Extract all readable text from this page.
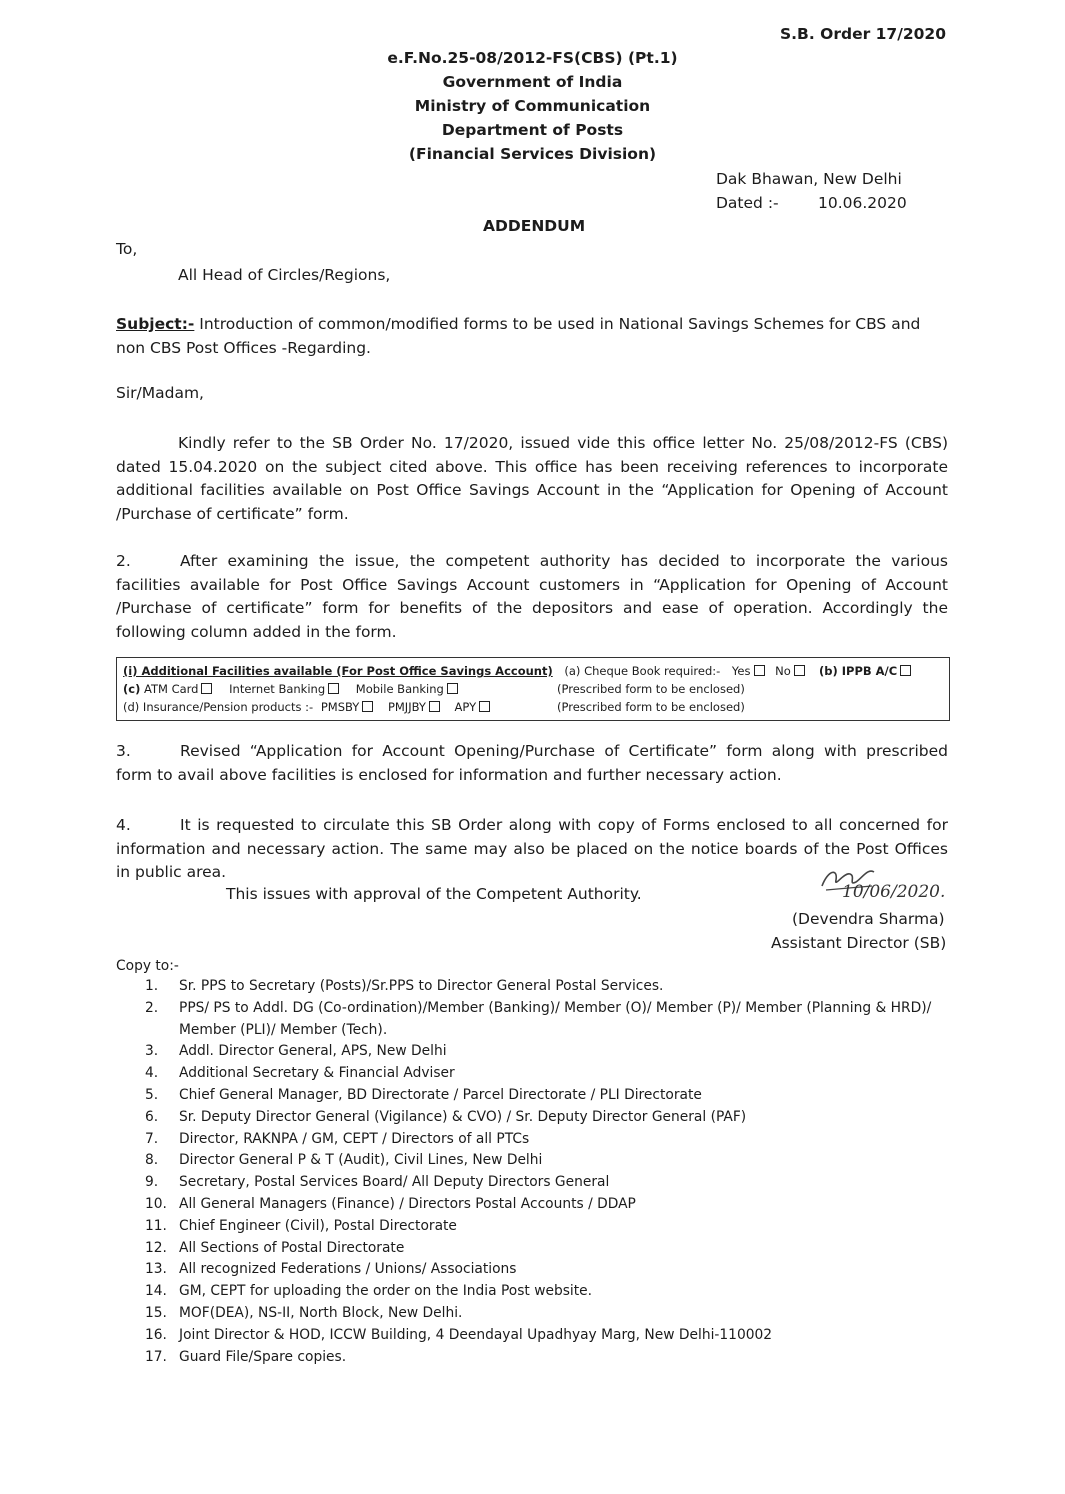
S.B. Order 17/2020
e.F.No.25-08/2012-FS(CBS) (Pt.1)
Government of India
Ministry of Communication
Department of Posts
(Financial Services Division)
Dak Bhawan, New Delhi
Dated :-	10.06.2020
ADDENDUM
To,
All Head of Circles/Regions,
Subject:- Introduction of common/modified forms to be used in National Savings Schemes for CBS and
non CBS Post Offices -Regarding.
Sir/Madam,
Kindly refer to the SB Order No. 17/2020, issued vide this office letter No. 25/08/2012-FS (CBS)
dated 15.04.2020 on the subject cited above. This office has been receiving references to incorporate
additional facilities available on Post Office Savings Account in the “Application for Opening of Account
/Purchase of certificate” form.
2.	After examining the issue, the competent authority has decided to incorporate the various
facilities available for Post Office Savings Account customers in “Application for Opening of Account
/Purchase of certificate” form for benefits of the depositors and ease of operation. Accordingly the
following column added in the form.
(i) Additional Facilities available (For Post Office Savings Account) (a) Cheque Book required:- Yes No	(b) IPPB A/C
(c) ATM Card	Internet Banking	Mobile Banking	(Prescribed form to be enclosed)
(d) Insurance/Pension products :- PMSBY PMJJBY APY	(Prescribed form to be enclosed)
3.	Revised “Application for Account Opening/Purchase of Certificate” form along with prescribed
form to avail above facilities is enclosed for information and further necessary action.
4.	It is requested to circulate this SB Order along with copy of Forms enclosed to all concerned for
information and necessary action. The same may also be placed on the notice boards of the Post Offices
in public area.
This issues with approval of the Competent Authority.	10/06/2020.
(Devendra Sharma)
Assistant Director (SB)
Copy to:-
1.	Sr. PPS to Secretary (Posts)/Sr.PPS to Director General Postal Services.
2.	PPS/ PS to Addl. DG (Co-ordination)/Member (Banking)/ Member (O)/ Member (P)/ Member (Planning & HRD)/ Member (PLI)/ Member (Tech).
3.	Addl. Director General, APS, New Delhi
4.	Additional Secretary & Financial Adviser
5.	Chief General Manager, BD Directorate / Parcel Directorate / PLI Directorate
6.	Sr. Deputy Director General (Vigilance) & CVO) / Sr. Deputy Director General (PAF)
7.	Director, RAKNPA / GM, CEPT / Directors of all PTCs
8.	Director General P & T (Audit), Civil Lines, New Delhi
9.	Secretary, Postal Services Board/ All Deputy Directors General
10. All General Managers (Finance) / Directors Postal Accounts / DDAP
11. Chief Engineer (Civil), Postal Directorate
12. All Sections of Postal Directorate
13. All recognized Federations / Unions/ Associations
14. GM, CEPT for uploading the order on the India Post website.
15. MOF(DEA), NS-II, North Block, New Delhi.
16. Joint Director & HOD, ICCW Building, 4 Deendayal Upadhyay Marg, New Delhi-110002
17. Guard File/Spare copies.
